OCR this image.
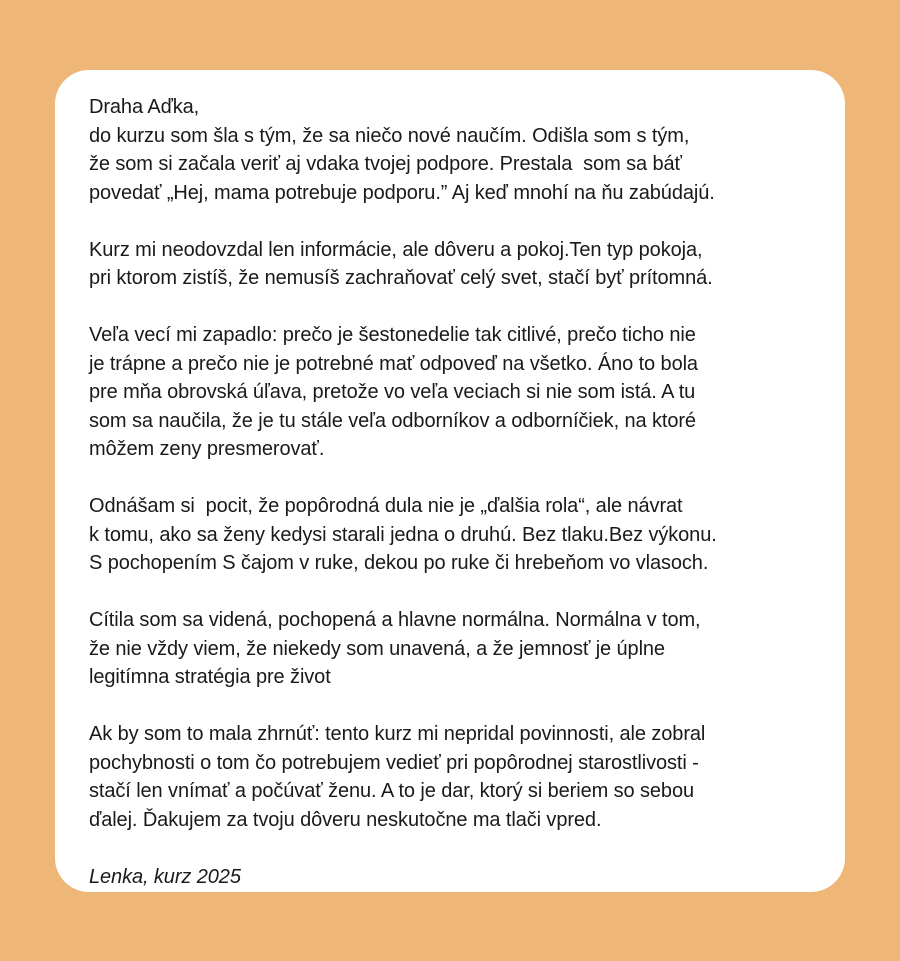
Draha Aďka,
do kurzu som šla s tým, že sa niečo nové naučím. Odišla som s tým,
že som si začala veriť aj vdaka tvojej podpore. Prestala  som sa báť
povedať „Hej, mama potrebuje podporu.” Aj keď mnohí na ňu zabúdajú.
Kurz mi neodovzdal len informácie, ale dôveru a pokoj.Ten typ pokoja,
pri ktorom zistíš, že nemusíš zachraňovať celý svet, stačí byť prítomná.
Veľa vecí mi zapadlo: prečo je šestonedelie tak citlivé, prečo ticho nie
je trápne a prečo nie je potrebné mať odpoveď na všetko. Áno to bola
pre mňa obrovská úľava, pretože vo veľa veciach si nie som istá. A tu
som sa naučila, že je tu stále veľa odborníkov a odborníčiek, na ktoré
môžem zeny presmerovať.
Odnášam si  pocit, že popôrodná dula nie je „ďalšia rola“, ale návrat
k tomu, ako sa ženy kedysi starali jedna o druhú. Bez tlaku.Bez výkonu.
S pochopením S čajom v ruke, dekou po ruke či hrebeňom vo vlasoch.
Cítila som sa videná, pochopená a hlavne normálna. Normálna v tom,
že nie vždy viem, že niekedy som unavená, a že jemnosť je úplne
legitímna stratégia pre život
Ak by som to mala zhrnúť: tento kurz mi nepridal povinnosti, ale zobral
pochybnosti o tom čo potrebujem vedieť pri popôrodnej starostlivosti -
stačí len vnímať a počúvať ženu. A to je dar, ktorý si beriem so sebou
ďalej. Ďakujem za tvoju dôveru neskutočne ma tlači vpred.
Lenka, kurz 2025
